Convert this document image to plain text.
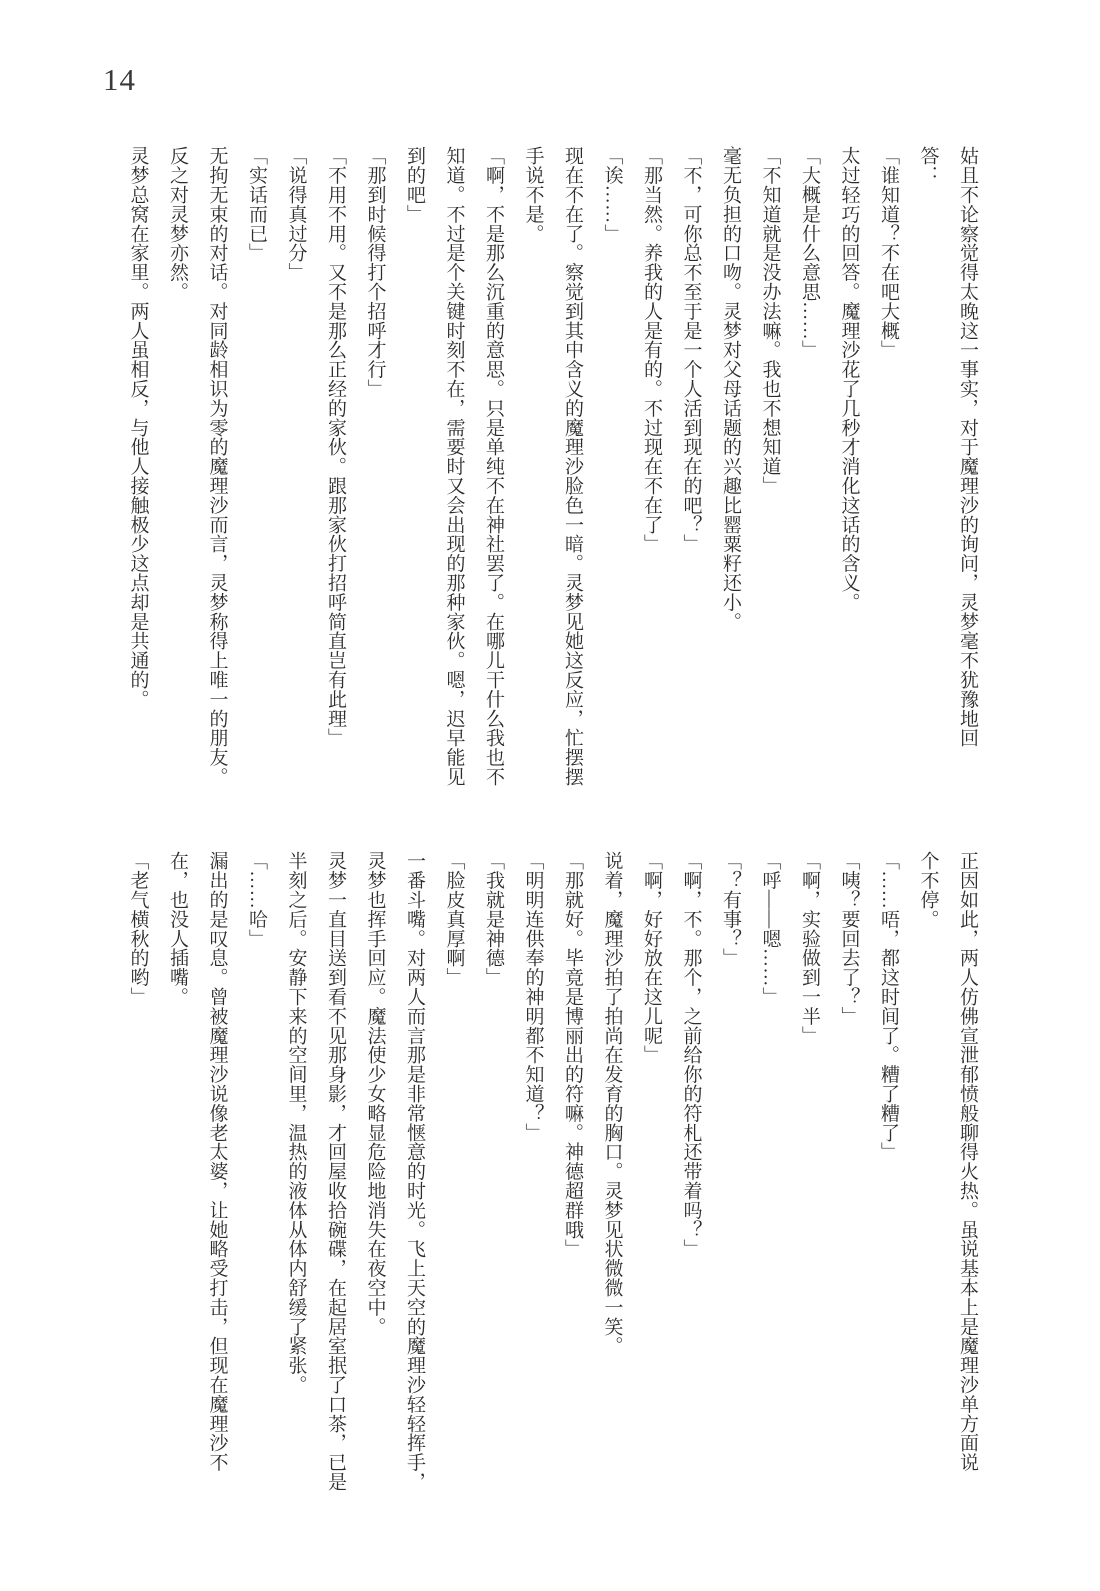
14
姑且不论察觉得太晚这一事实，对于魔理沙的询问，灵梦毫不犹豫地回
答：
「谁知道？不在吧大概」
太过轻巧的回答。魔理沙花了几秒才消化这话的含义。
「大概是什么意思……」
「不知道就是没办法嘛。我也不想知道」
毫无负担的口吻。灵梦对父母话题的兴趣比罂粟籽还小。
「不，可你总不至于是一个人活到现在的吧？」
「那当然。养我的人是有的。不过现在不在了」
「诶……」
现在不在了。察觉到其中含义的魔理沙脸色一暗。灵梦见她这反应，忙摆摆
手说不是。
「啊，不是那么沉重的意思。只是单纯不在神社罢了。在哪儿干什么我也不
知道。不过是个关键时刻不在，需要时又会出现的那种家伙。嗯，迟早能见
到的吧」
「那到时候得打个招呼才行」
「不用不用。又不是那么正经的家伙。跟那家伙打招呼简直岂有此理」
「说得真过分」
「实话而已」
无拘无束的对话。对同龄相识为零的魔理沙而言，灵梦称得上唯一的朋友。
反之对灵梦亦然。
灵梦总窝在家里。两人虽相反，与他人接触极少这点却是共通的。
正因如此，两人仿佛宣泄郁愤般聊得火热。虽说基本上是魔理沙单方面说
个不停。
「……唔，都这时间了。糟了糟了」
「咦？要回去了？」
「啊，实验做到一半」
「呼——嗯……」
「？有事？」
「啊，不。那个，之前给你的符札还带着吗？」
「啊，好好放在这儿呢」
说着，魔理沙拍了拍尚在发育的胸口。灵梦见状微微一笑。
「那就好。毕竟是博丽出的符嘛。神德超群哦」
「明明连供奉的神明都不知道？」
「我就是神德」
「脸皮真厚啊」
一番斗嘴。对两人而言那是非常惬意的时光。飞上天空的魔理沙轻轻挥手，
灵梦也挥手回应。魔法使少女略显危险地消失在夜空中。
灵梦一直目送到看不见那身影，才回屋收拾碗碟，在起居室抿了口茶，已是
半刻之后。安静下来的空间里，温热的液体从体内舒缓了紧张。
「……哈」
漏出的是叹息。曾被魔理沙说像老太婆，让她略受打击，但现在魔理沙不
在，也没人插嘴。
「老气横秋的哟」
